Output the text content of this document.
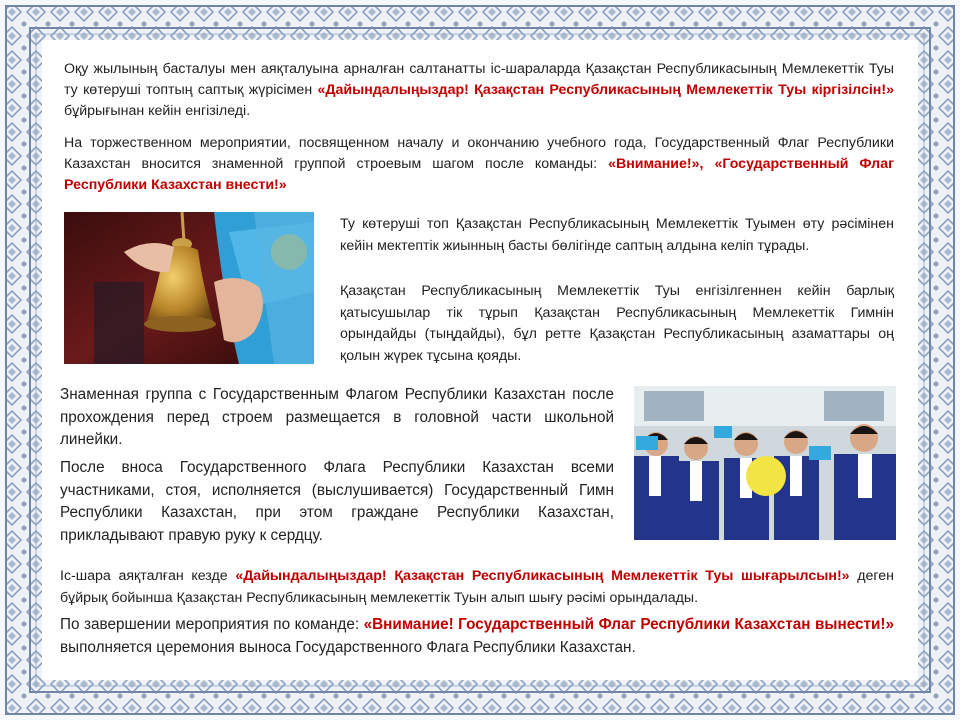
Оқу жылының басталуы мен аяқталуына арналған салтанатты іс-шараларда Қазақстан Республикасының Мемлекеттік Туы ту көтеруші топтың саптық жүрісімен «Дайындалыңыздар! Қазақстан Республикасының Мемлекеттік Туы кіргізілсін!» бұйрығынан кейін енгізіледі.

На торжественном мероприятии, посвященном началу и окончанию учебного года, Государственный Флаг Республики Казахстан вносится знаменной группой строевым шагом после команды: «Внимание!», «Государственный Флаг Республики Казахстан внести!»

Ту көтеруші топ Қазақстан Республикасының Мемлекеттік Туымен өту рәсімінен кейін мектептік жиынның басты бөлігінде саптың алдына келіп тұрады.

Қазақстан Республикасының Мемлекеттік Туы енгізілгеннен кейін барлық қатысушылар тік тұрып Қазақстан Республикасының Мемлекеттік Гимнін орындайды (тыңдайды), бұл ретте Қазақстан Республикасының азаматтары оң қолын жүрек тұсына қояды.

Знаменная группа с Государственным Флагом Республики Казахстан после прохождения перед строем размещается в головной части школьной линейки.

После вноса Государственного Флага Республики Казахстан всеми участниками, стоя, исполняется (выслушивается) Государственный Гимн Республики Казахстан, при этом граждане Республики Казахстан, прикладывают правую руку к сердцу.

Іс-шара аяқталған кезде «Дайындалыңыздар! Қазақстан Республикасының Мемлекеттік Туы шығарылсын!» деген бұйрық бойынша Қазақстан Республикасының мемлекеттік Туын алып шығу рәсімі орындалады.

По завершении мероприятия по команде: «Внимание! Государственный Флаг Республики Казахстан вынести!» выполняется церемония выноса Государственного Флага Республики Казахстан.
